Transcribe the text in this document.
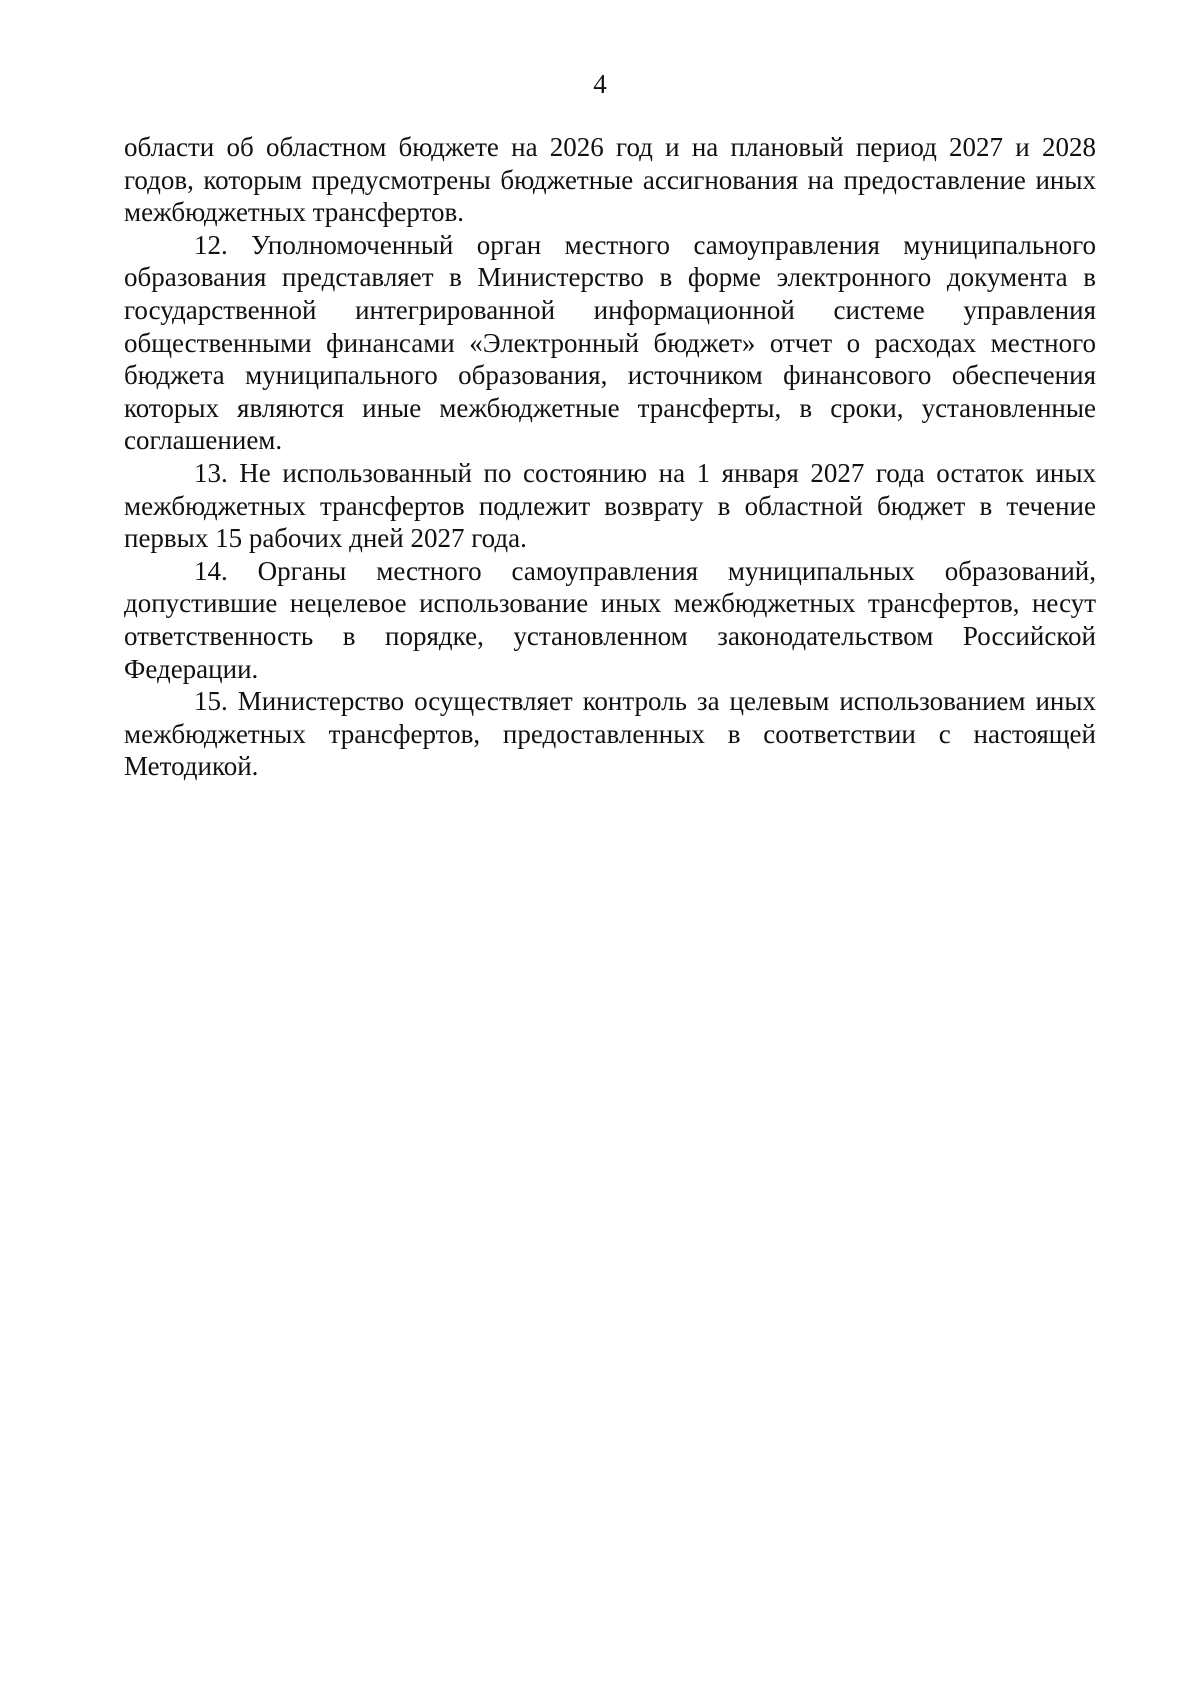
4

области об областном бюджете на 2026 год и на плановый период 2027 и 2028 годов, которым предусмотрены бюджетные ассигнования на предоставление иных межбюджетных трансфертов.

12. Уполномоченный орган местного самоуправления муниципального образования представляет в Министерство в форме электронного документа в государственной интегрированной информационной системе управления общественными финансами «Электронный бюджет» отчет о расходах местного бюджета муниципального образования, источником финансового обеспечения которых являются иные межбюджетные трансферты, в сроки, установленные соглашением.

13. Не использованный по состоянию на 1 января 2027 года остаток иных межбюджетных трансфертов подлежит возврату в областной бюджет в течение первых 15 рабочих дней 2027 года.

14. Органы местного самоуправления муниципальных образований, допустившие нецелевое использование иных межбюджетных трансфертов, несут ответственность в порядке, установленном законодательством Российской Федерации.

15. Министерство осуществляет контроль за целевым использованием иных межбюджетных трансфертов, предоставленных в соответствии с настоящей Методикой.
